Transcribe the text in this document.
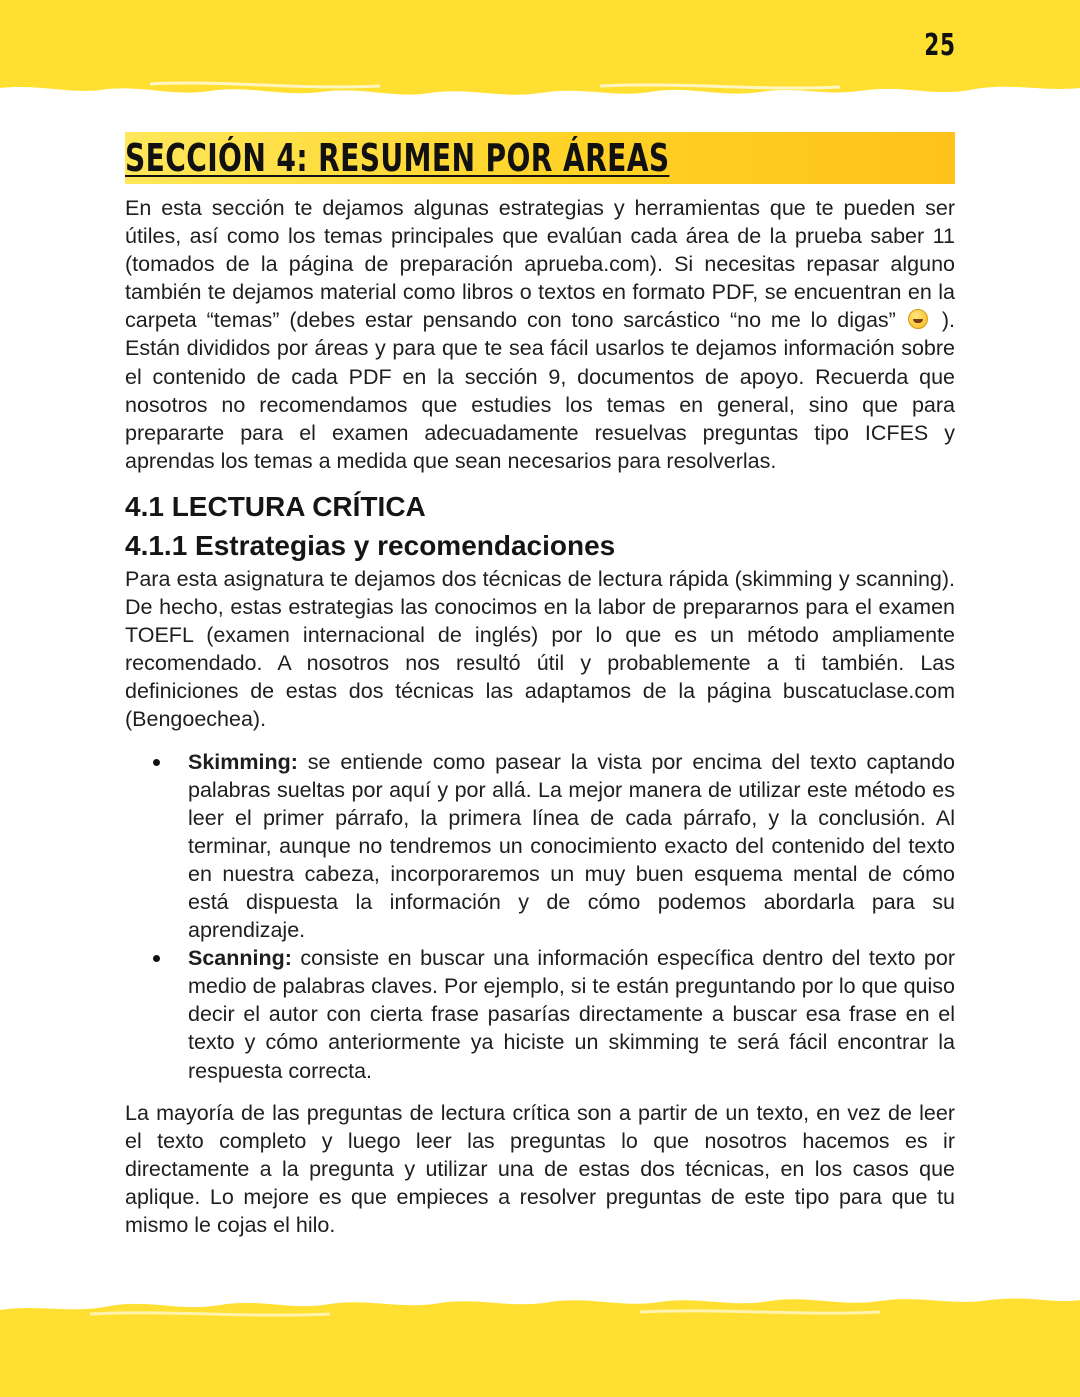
25
SECCIÓN 4: RESUMEN POR ÁREAS

En esta sección te dejamos algunas estrategias y herramientas que te pueden ser útiles, así como los temas principales que evalúan cada área de la prueba saber 11 (tomados de la página de preparación aprueba.com). Si necesitas repasar alguno también te dejamos material como libros o textos en formato PDF, se encuentran en la carpeta “temas” (debes estar pensando con tono sarcástico “no me lo digas” ). Están divididos por áreas y para que te sea fácil usarlos te dejamos información sobre el contenido de cada PDF en la sección 9, documentos de apoyo. Recuerda que nosotros no recomendamos que estudies los temas en general, sino que para prepararte para el examen adecuadamente resuelvas preguntas tipo ICFES y aprendas los temas a medida que sean necesarios para resolverlas.

4.1 LECTURA CRÍTICA
4.1.1 Estrategias y recomendaciones

Para esta asignatura te dejamos dos técnicas de lectura rápida (skimming y scanning). De hecho, estas estrategias las conocimos en la labor de prepararnos para el examen TOEFL (examen internacional de inglés) por lo que es un método ampliamente recomendado. A nosotros nos resultó útil y probablemente a ti también. Las definiciones de estas dos técnicas las adaptamos de la página buscatuclase.com (Bengoechea).

Skimming: se entiende como pasear la vista por encima del texto captando palabras sueltas por aquí y por allá. La mejor manera de utilizar este método es leer el primer párrafo, la primera línea de cada párrafo, y la conclusión. Al terminar, aunque no tendremos un conocimiento exacto del contenido del texto en nuestra cabeza, incorporaremos un muy buen esquema mental de cómo está dispuesta la información y de cómo podemos abordarla para su aprendizaje.
Scanning: consiste en buscar una información específica dentro del texto por medio de palabras claves. Por ejemplo, si te están preguntando por lo que quiso decir el autor con cierta frase pasarías directamente a buscar esa frase en el texto y cómo anteriormente ya hiciste un skimming te será fácil encontrar la respuesta correcta.

La mayoría de las preguntas de lectura crítica son a partir de un texto, en vez de leer el texto completo y luego leer las preguntas lo que nosotros hacemos es ir directamente a la pregunta y utilizar una de estas dos técnicas, en los casos que aplique. Lo mejore es que empieces a resolver preguntas de este tipo para que tu mismo le cojas el hilo.
